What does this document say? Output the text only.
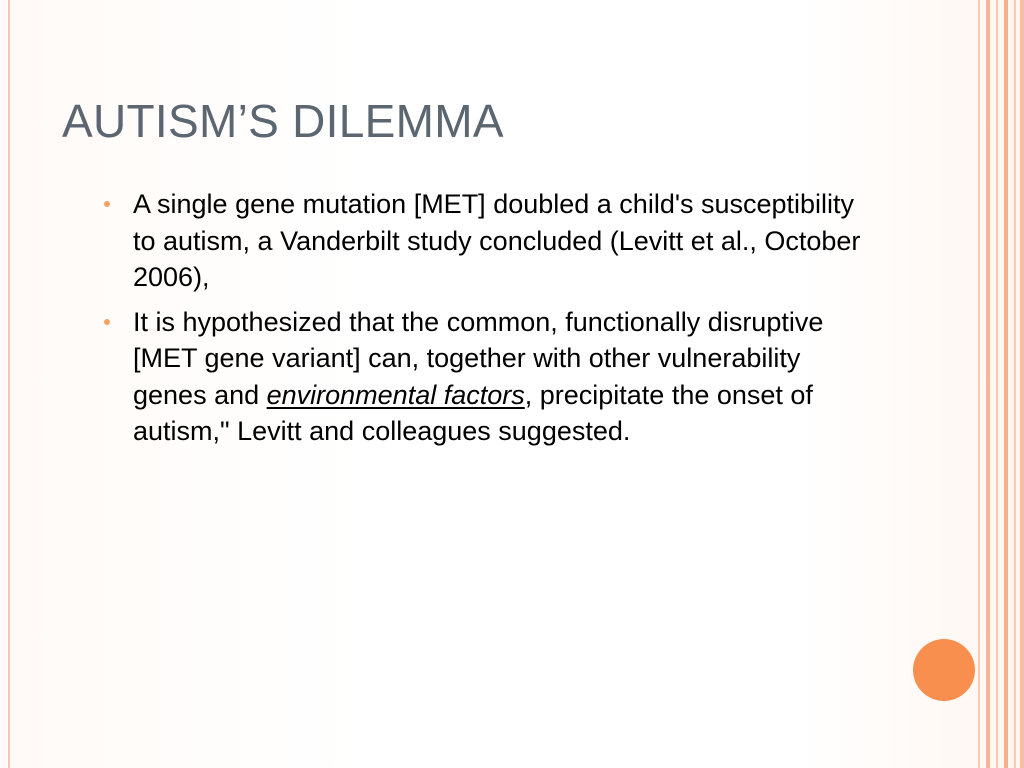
AUTISM’S DILEMMA
A single gene mutation [MET] doubled a child's susceptibility to autism, a Vanderbilt study concluded (Levitt et al., October 2006),
It is hypothesized that the common, functionally disruptive [MET gene variant] can, together with other vulnerability genes and environmental factors, precipitate the onset of autism," Levitt and colleagues suggested.
